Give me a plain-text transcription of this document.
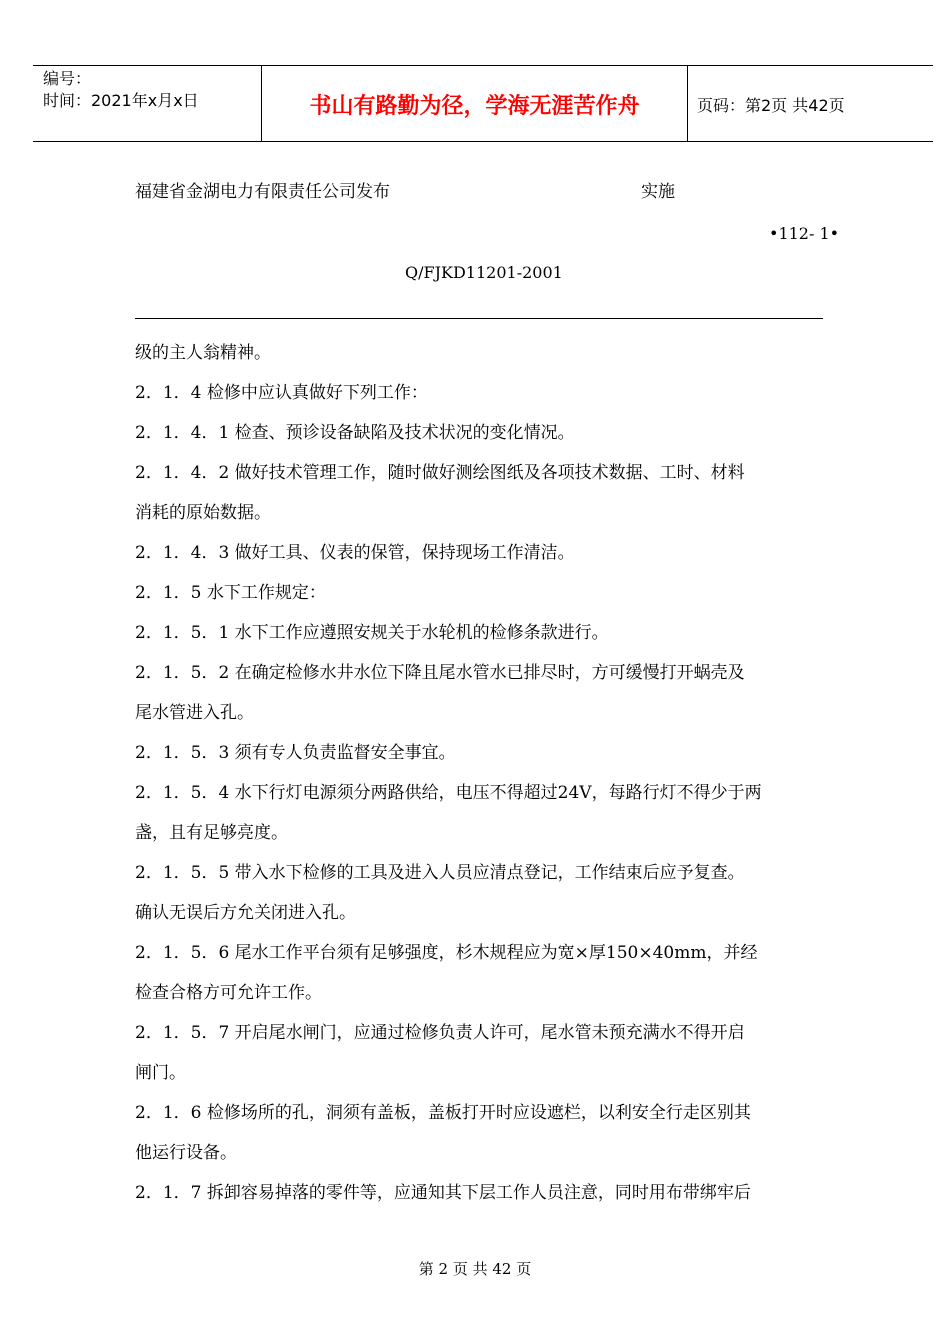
编号：
时间：2021年x月x日	书山有路勤为径，学海无涯苦作舟	页码：第2页 共42页
福建省金湖电力有限责任公司发布	实施
•112- 1•
Q/FJKD11201-2001
级的主人翁精神。
2．1．4 检修中应认真做好下列工作：
2．1．4．1 检查、预诊设备缺陷及技术状况的变化情况。
2．1．4．2 做好技术管理工作，随时做好测绘图纸及各项技术数据、工时、材料
消耗的原始数据。
2．1．4．3 做好工具、仪表的保管，保持现场工作清洁。
2．1．5 水下工作规定：
2．1．5．1 水下工作应遵照安规关于水轮机的检修条款进行。
2．1．5．2 在确定检修水井水位下降且尾水管水已排尽时，方可缓慢打开蜗壳及
尾水管进入孔。
2．1．5．3 须有专人负责监督安全事宜。
2．1．5．4 水下行灯电源须分两路供给，电压不得超过24V，每路行灯不得少于两
盏，且有足够亮度。
2．1．5．5 带入水下检修的工具及进入人员应清点登记，工作结束后应予复查。
确认无误后方允关闭进入孔。
2．1．5．6 尾水工作平台须有足够强度，杉木规程应为宽×厚150×40mm，并经
检查合格方可允许工作。
2．1．5．7 开启尾水闸门，应通过检修负责人许可，尾水管未预充满水不得开启
闸门。
2．1．6 检修场所的孔，洞须有盖板，盖板打开时应设遮栏，以利安全行走区别其
他运行设备。
2．1．7 拆卸容易掉落的零件等，应通知其下层工作人员注意，同时用布带绑牢后
第 2 页 共 42 页
